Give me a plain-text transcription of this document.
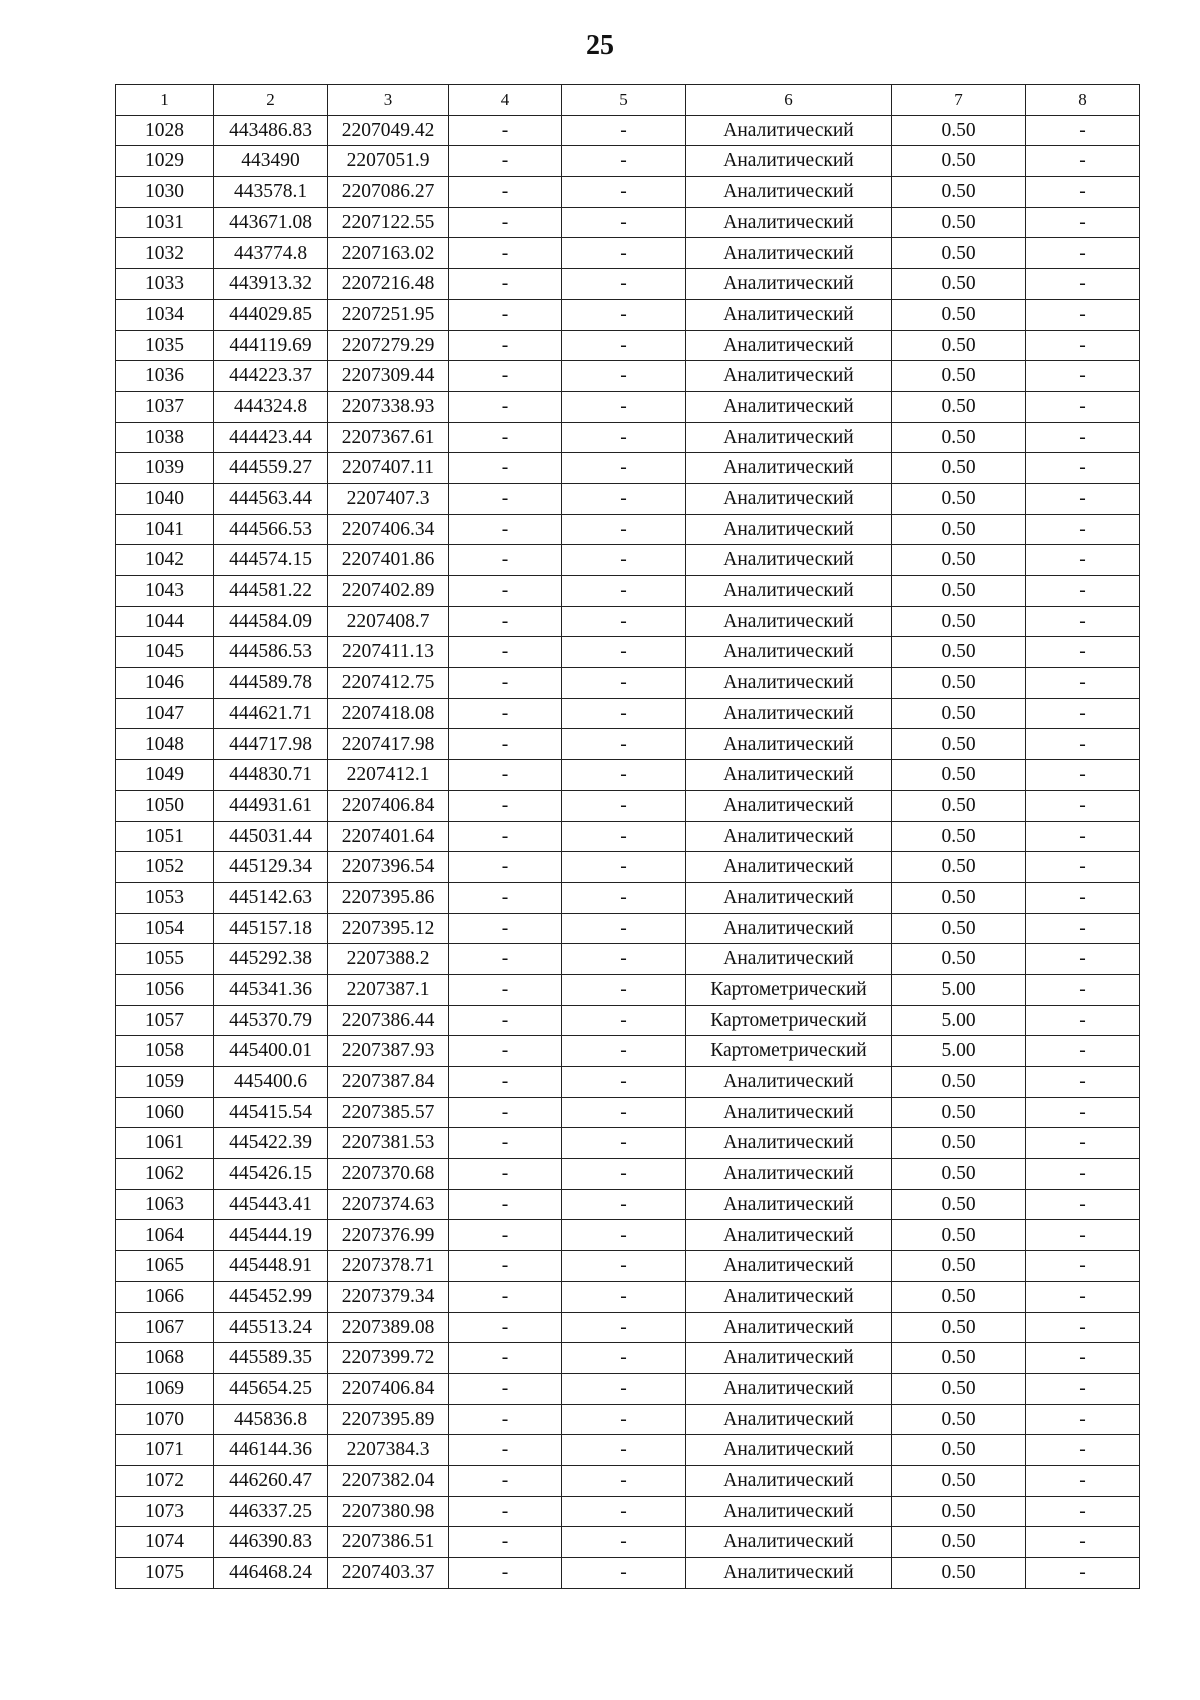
25
1	2	3	4	5	6	7	8
1028	443486.83	2207049.42	-	-	Аналитический	0.50	-
1029	443490	2207051.9	-	-	Аналитический	0.50	-
1030	443578.1	2207086.27	-	-	Аналитический	0.50	-
1031	443671.08	2207122.55	-	-	Аналитический	0.50	-
1032	443774.8	2207163.02	-	-	Аналитический	0.50	-
1033	443913.32	2207216.48	-	-	Аналитический	0.50	-
1034	444029.85	2207251.95	-	-	Аналитический	0.50	-
1035	444119.69	2207279.29	-	-	Аналитический	0.50	-
1036	444223.37	2207309.44	-	-	Аналитический	0.50	-
1037	444324.8	2207338.93	-	-	Аналитический	0.50	-
1038	444423.44	2207367.61	-	-	Аналитический	0.50	-
1039	444559.27	2207407.11	-	-	Аналитический	0.50	-
1040	444563.44	2207407.3	-	-	Аналитический	0.50	-
1041	444566.53	2207406.34	-	-	Аналитический	0.50	-
1042	444574.15	2207401.86	-	-	Аналитический	0.50	-
1043	444581.22	2207402.89	-	-	Аналитический	0.50	-
1044	444584.09	2207408.7	-	-	Аналитический	0.50	-
1045	444586.53	2207411.13	-	-	Аналитический	0.50	-
1046	444589.78	2207412.75	-	-	Аналитический	0.50	-
1047	444621.71	2207418.08	-	-	Аналитический	0.50	-
1048	444717.98	2207417.98	-	-	Аналитический	0.50	-
1049	444830.71	2207412.1	-	-	Аналитический	0.50	-
1050	444931.61	2207406.84	-	-	Аналитический	0.50	-
1051	445031.44	2207401.64	-	-	Аналитический	0.50	-
1052	445129.34	2207396.54	-	-	Аналитический	0.50	-
1053	445142.63	2207395.86	-	-	Аналитический	0.50	-
1054	445157.18	2207395.12	-	-	Аналитический	0.50	-
1055	445292.38	2207388.2	-	-	Аналитический	0.50	-
1056	445341.36	2207387.1	-	-	Картометрический	5.00	-
1057	445370.79	2207386.44	-	-	Картометрический	5.00	-
1058	445400.01	2207387.93	-	-	Картометрический	5.00	-
1059	445400.6	2207387.84	-	-	Аналитический	0.50	-
1060	445415.54	2207385.57	-	-	Аналитический	0.50	-
1061	445422.39	2207381.53	-	-	Аналитический	0.50	-
1062	445426.15	2207370.68	-	-	Аналитический	0.50	-
1063	445443.41	2207374.63	-	-	Аналитический	0.50	-
1064	445444.19	2207376.99	-	-	Аналитический	0.50	-
1065	445448.91	2207378.71	-	-	Аналитический	0.50	-
1066	445452.99	2207379.34	-	-	Аналитический	0.50	-
1067	445513.24	2207389.08	-	-	Аналитический	0.50	-
1068	445589.35	2207399.72	-	-	Аналитический	0.50	-
1069	445654.25	2207406.84	-	-	Аналитический	0.50	-
1070	445836.8	2207395.89	-	-	Аналитический	0.50	-
1071	446144.36	2207384.3	-	-	Аналитический	0.50	-
1072	446260.47	2207382.04	-	-	Аналитический	0.50	-
1073	446337.25	2207380.98	-	-	Аналитический	0.50	-
1074	446390.83	2207386.51	-	-	Аналитический	0.50	-
1075	446468.24	2207403.37	-	-	Аналитический	0.50	-
